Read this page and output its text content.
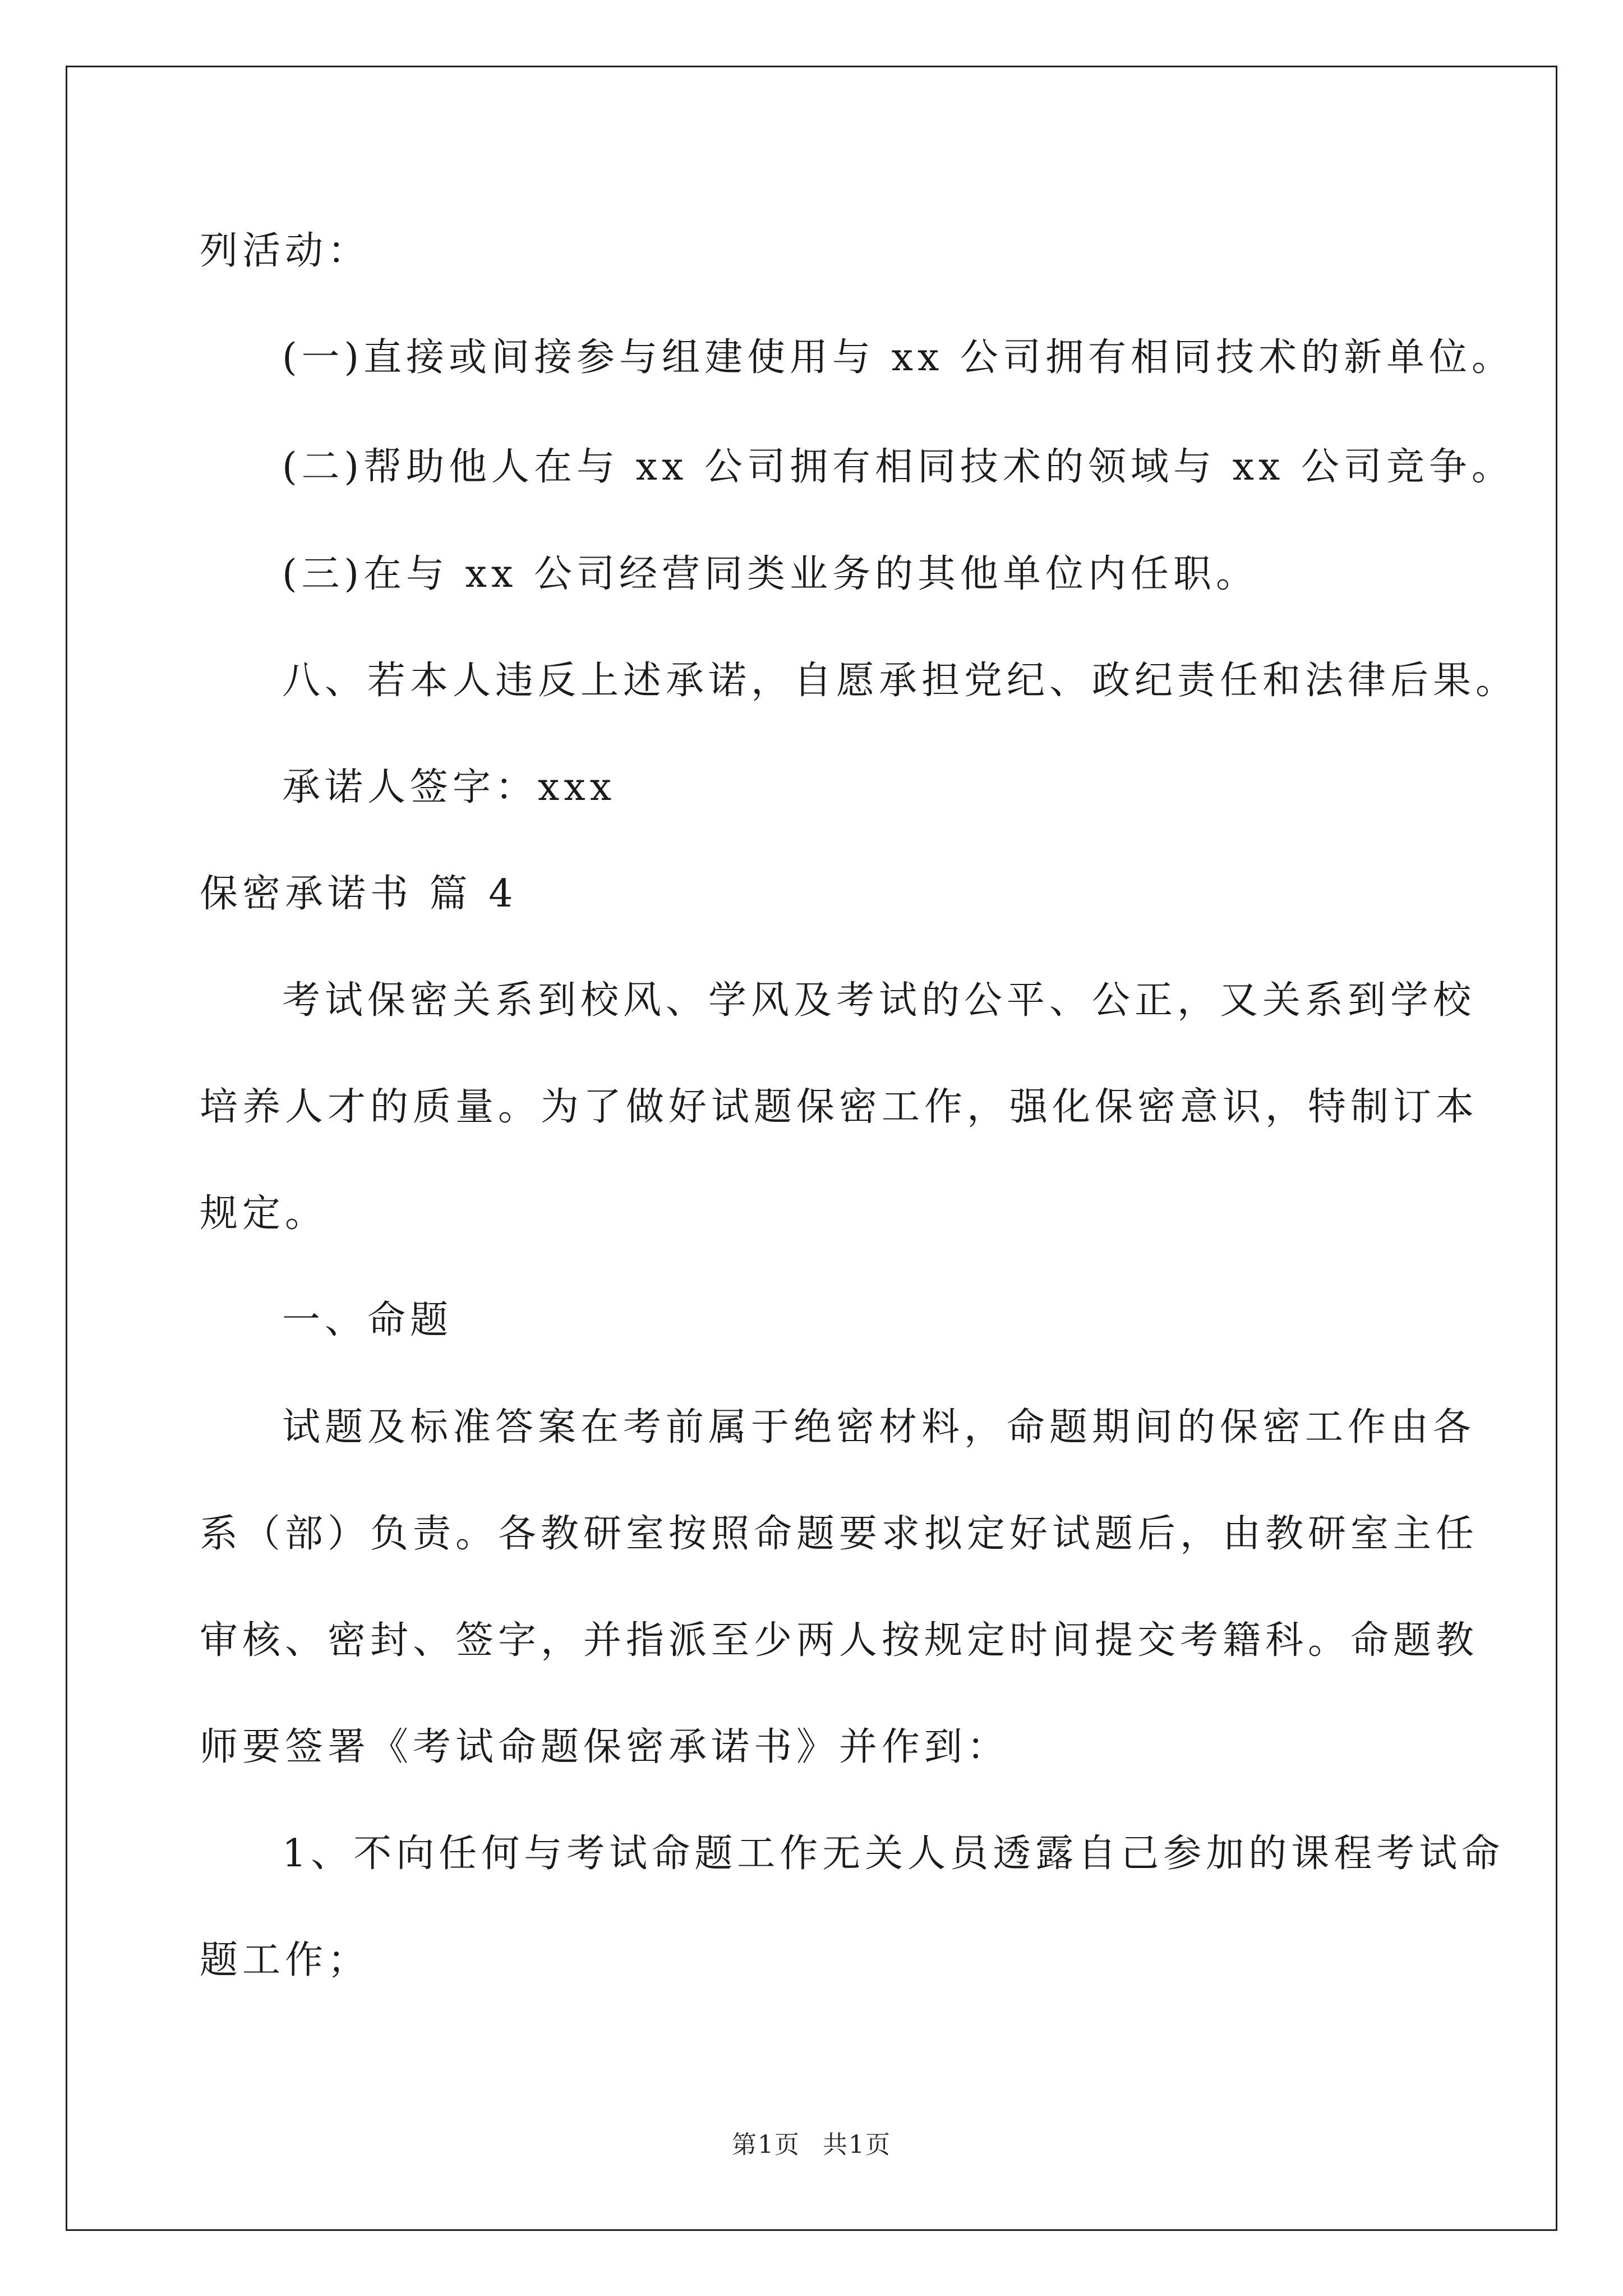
列活动：
(一)直接或间接参与组建使用与 xx 公司拥有相同技术的新单位。
(二)帮助他人在与 xx 公司拥有相同技术的领域与 xx 公司竞争。
(三)在与 xx 公司经营同类业务的其他单位内任职。
八、若本人违反上述承诺，自愿承担党纪、政纪责任和法律后果。
承诺人签字：xxx
保密承诺书 篇 4
考试保密关系到校风、学风及考试的公平、公正，又关系到学校
培养人才的质量。为了做好试题保密工作，强化保密意识，特制订本
规定。
一、命题
试题及标准答案在考前属于绝密材料，命题期间的保密工作由各
系（部）负责。各教研室按照命题要求拟定好试题后，由教研室主任
审核、密封、签字，并指派至少两人按规定时间提交考籍科。命题教
师要签署《考试命题保密承诺书》并作到：
1、不向任何与考试命题工作无关人员透露自己参加的课程考试命
题工作；
第1页 共1页
